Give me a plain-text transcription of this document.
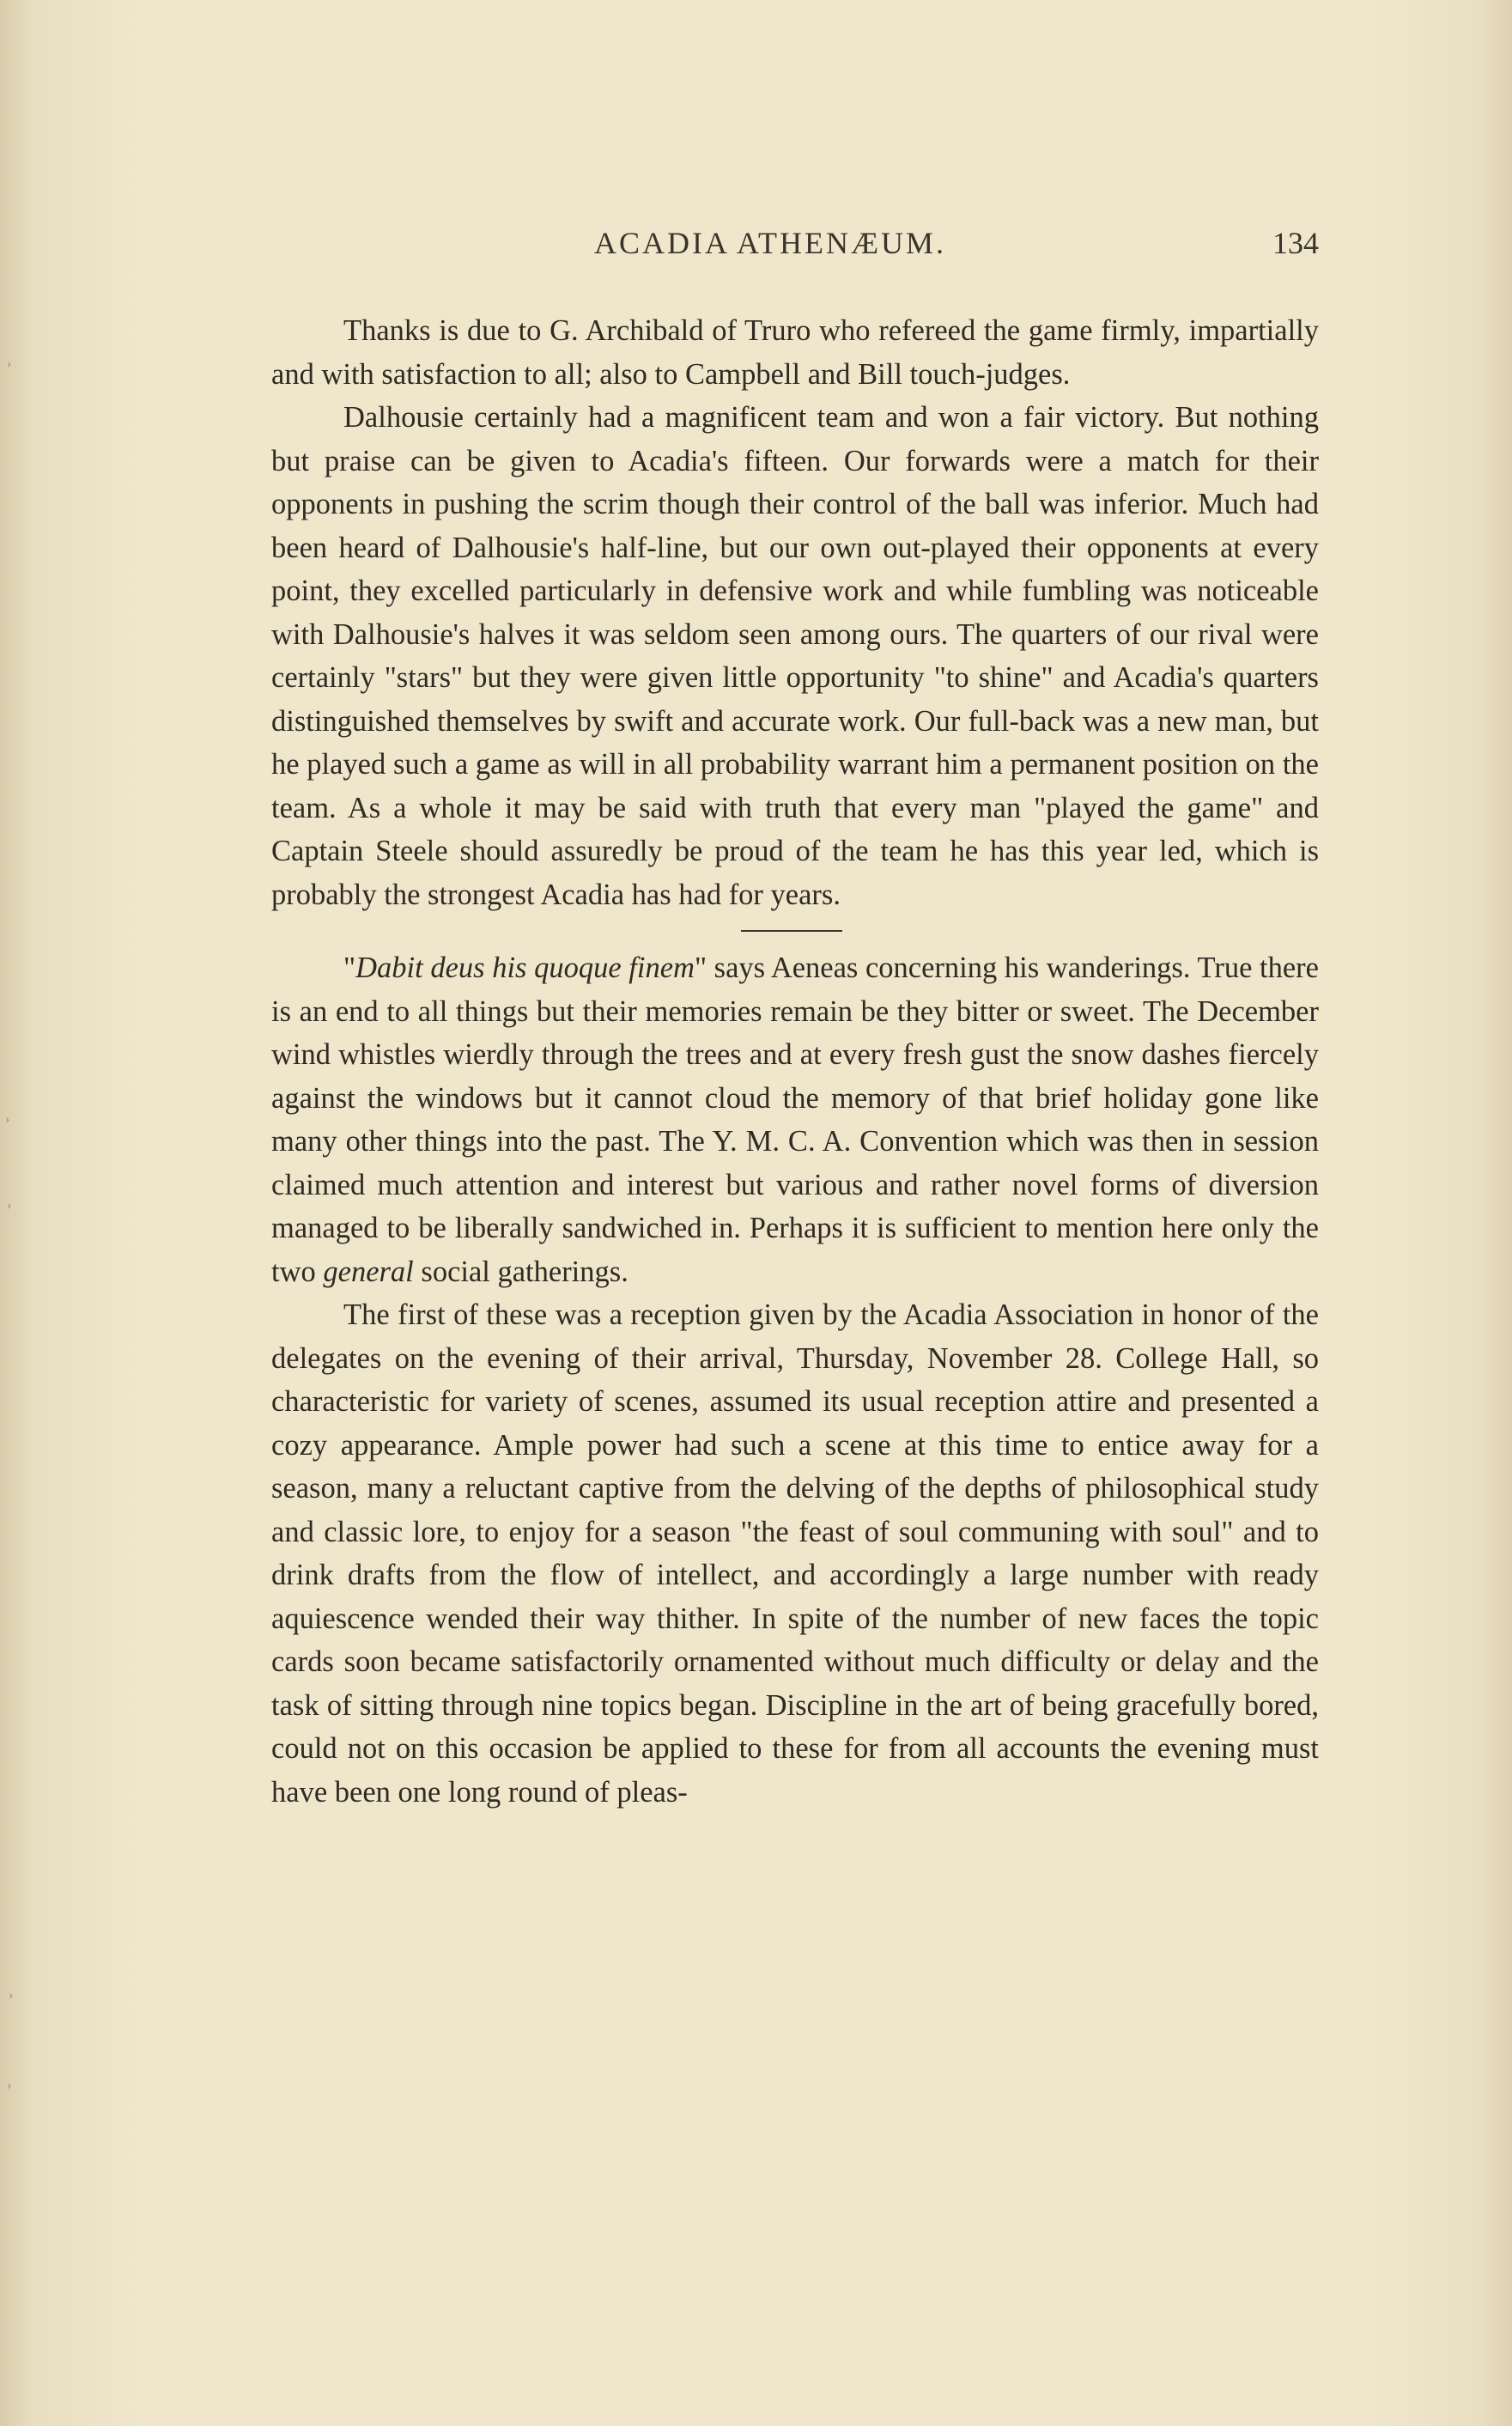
ACADIA ATHENÆUM.	134

Thanks is due to G. Archibald of Truro who refereed the game firmly, impartially and with satisfaction to all; also to Campbell and Bill touch-judges.

Dalhousie certainly had a magnificent team and won a fair victory. But nothing but praise can be given to Acadia's fifteen. Our forwards were a match for their opponents in pushing the scrim though their control of the ball was inferior. Much had been heard of Dalhousie's half-line, but our own out-played their opponents at every point, they excelled particularly in defensive work and while fumbling was noticeable with Dalhousie's halves it was seldom seen among ours. The quarters of our rival were certainly "stars" but they were given little opportunity "to shine" and Acadia's quarters distinguished themselves by swift and accurate work. Our full-back was a new man, but he played such a game as will in all probability warrant him a permanent position on the team. As a whole it may be said with truth that every man "played the game" and Captain Steele should assuredly be proud of the team he has this year led, which is probably the strongest Acadia has had for years.

"Dabit deus his quoque finem" says Aeneas concerning his wanderings. True there is an end to all things but their memories remain be they bitter or sweet. The December wind whistles wierdly through the trees and at every fresh gust the snow dashes fiercely against the windows but it cannot cloud the memory of that brief holiday gone like many other things into the past. The Y. M. C. A. Convention which was then in session claimed much attention and interest but various and rather novel forms of diversion managed to be liberally sandwiched in. Perhaps it is sufficient to mention here only the two general social gatherings.

The first of these was a reception given by the Acadia Association in honor of the delegates on the evening of their arrival, Thursday, November 28. College Hall, so characteristic for variety of scenes, assumed its usual reception attire and presented a cozy appearance. Ample power had such a scene at this time to entice away for a season, many a reluctant captive from the delving of the depths of philosophical study and classic lore, to enjoy for a season "the feast of soul communing with soul" and to drink drafts from the flow of intellect, and accordingly a large number with ready aquiescence wended their way thither. In spite of the number of new faces the topic cards soon became satisfactorily ornamented without much difficulty or delay and the task of sitting through nine topics began. Discipline in the art of being gracefully bored, could not on this occasion be applied to these for from all accounts the evening must have been one long round of pleas-

›
›
›
›
›
